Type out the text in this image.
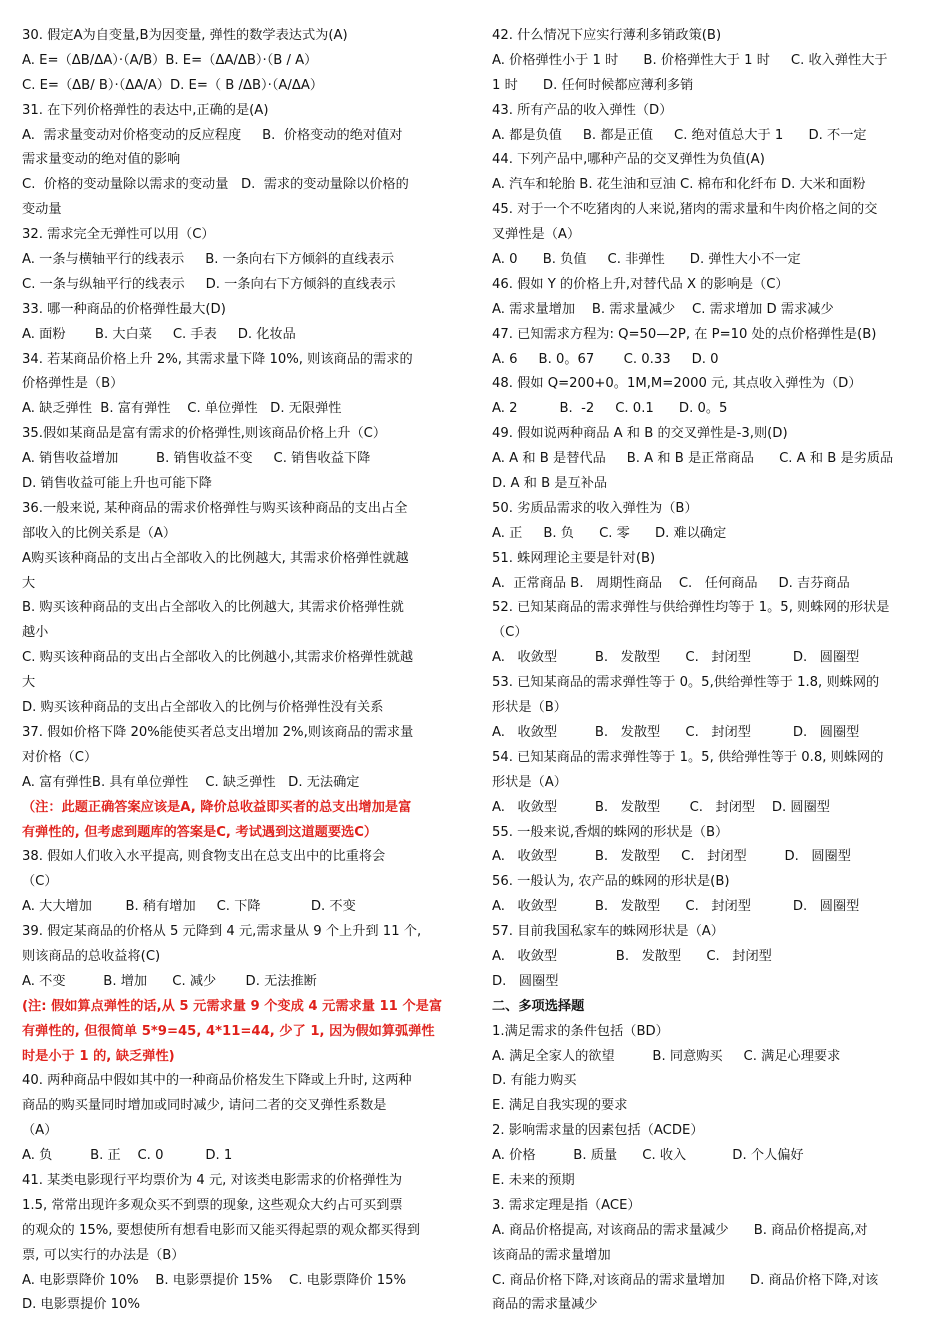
30. 假定A为自变量,B为因变量, 弹性的数学表达式为(A)
A. E=（ΔB/ΔA）·（A/B）B. E=（ΔA/ΔB）·（B / A）
C. E=（ΔB/ B）·（ΔA/A）D. E=（ B /ΔB）·（A/ΔA）
31. 在下列价格弹性的表达中,正确的是(A)
A.  需求量变动对价格变动的反应程度     B.  价格变动的绝对值对
需求量变动的绝对值的影响
C.  价格的变动量除以需求的变动量   D.  需求的变动量除以价格的
变动量
32. 需求完全无弹性可以用（C）
A. 一条与横轴平行的线表示     B. 一条向右下方倾斜的直线表示
C. 一条与纵轴平行的线表示     D. 一条向右下方倾斜的直线表示
33. 哪一种商品的价格弹性最大(D)
A. 面粉       B. 大白菜     C. 手表     D. 化妆品
34. 若某商品价格上升 2%, 其需求量下降 10%, 则该商品的需求的
价格弹性是（B）
A. 缺乏弹性  B. 富有弹性    C. 单位弹性   D. 无限弹性
35.假如某商品是富有需求的价格弹性,则该商品价格上升（C）
A. 销售收益增加         B. 销售收益不变     C. 销售收益下降
D. 销售收益可能上升也可能下降
36.一般来说, 某种商品的需求价格弹性与购买该种商品的支出占全
部收入的比例关系是（A）
A购买该种商品的支出占全部收入的比例越大, 其需求价格弹性就越
大
B. 购买该种商品的支出占全部收入的比例越大, 其需求价格弹性就
越小
C. 购买该种商品的支出占全部收入的比例越小,其需求价格弹性就越
大
D. 购买该种商品的支出占全部收入的比例与价格弹性没有关系
37. 假如价格下降 20%能使买者总支出增加 2%,则该商品的需求量
对价格（C）
A. 富有弹性B. 具有单位弹性    C. 缺乏弹性   D. 无法确定
（注：此题正确答案应该是A, 降价总收益即买者的总支出增加是富
有弹性的, 但考虑到题库的答案是C, 考试遇到这道题要选C）
38. 假如人们收入水平提高, 则食物支出在总支出中的比重将会
（C）
A. 大大增加        B. 稍有增加     C. 下降            D. 不变
39. 假定某商品的价格从 5 元降到 4 元,需求量从 9 个上升到 11 个,
则该商品的总收益将(C)
A. 不变         B. 增加      C. 减少       D. 无法推断
(注: 假如算点弹性的话,从 5 元需求量 9 个变成 4 元需求量 11 个是富
有弹性的, 但很简单 5*9=45, 4*11=44, 少了 1, 因为假如算弧弹性
时是小于 1 的, 缺乏弹性)
40. 两种商品中假如其中的一种商品价格发生下降或上升时, 这两种
商品的购买量同时增加或同时减少, 请问二者的交叉弹性系数是
（A）
A. 负         B. 正    C. 0          D. 1
41. 某类电影现行平均票价为 4 元, 对该类电影需求的价格弹性为
1.5, 常常出现许多观众买不到票的现象, 这些观众大约占可买到票
的观众的 15%, 要想使所有想看电影而又能买得起票的观众都买得到
票, 可以实行的办法是（B）
A. 电影票降价 10%    B. 电影票提价 15%    C. 电影票降价 15%
D. 电影票提价 10%
42. 什么情况下应实行薄利多销政策(B)
A. 价格弹性小于 1 时      B. 价格弹性大于 1 时     C. 收入弹性大于
1 时      D. 任何时候都应薄利多销
43. 所有产品的收入弹性（D）
A. 都是负值     B. 都是正值     C. 绝对值总大于 1      D. 不一定
44. 下列产品中,哪种产品的交叉弹性为负值(A)
A. 汽车和轮胎 B. 花生油和豆油 C. 棉布和化纤布 D. 大米和面粉
45. 对于一个不吃猪肉的人来说,猪肉的需求量和牛肉价格之间的交
叉弹性是（A）
A. 0      B. 负值     C. 非弹性      D. 弹性大小不一定
46. 假如 Y 的价格上升,对替代品 X 的影响是（C）
A. 需求量增加    B. 需求量减少    C. 需求增加 D 需求减少
47. 已知需求方程为: Q=50—2P, 在 P=10 处的点价格弹性是(B)
A. 6     B. 0。67       C. 0.33     D. 0
48. 假如 Q=200+0。1M,M=2000 元, 其点收入弹性为（D）
A. 2          B.  -2     C. 0.1      D. 0。5
49. 假如说两种商品 A 和 B 的交叉弹性是-3,则(D)
A. A 和 B 是替代品     B. A 和 B 是正常商品      C. A 和 B 是劣质品
D. A 和 B 是互补品
50. 劣质品需求的收入弹性为（B）
A. 正     B. 负      C. 零      D. 难以确定
51. 蛛网理论主要是针对(B)
A.  正常商品 B.   周期性商品    C.   任何商品     D. 吉芬商品
52. 已知某商品的需求弹性与供给弹性均等于 1。5, 则蛛网的形状是
（C）
A.   收敛型         B.   发散型      C.   封闭型          D.   圆圈型
53. 已知某商品的需求弹性等于 0。5,供给弹性等于 1.8, 则蛛网的
形状是（B）
A.   收敛型         B.   发散型      C.   封闭型          D.   圆圈型
54. 已知某商品的需求弹性等于 1。5, 供给弹性等于 0.8, 则蛛网的
形状是（A）
A.   收敛型         B.   发散型       C.   封闭型    D. 圆圈型
55. 一般来说,香烟的蛛网的形状是（B）
A.   收敛型         B.   发散型     C.   封闭型         D.   圆圈型
56. 一般认为, 农产品的蛛网的形状是(B)
A.   收敛型         B.   发散型      C.   封闭型          D.   圆圈型
57. 目前我国私家车的蛛网形状是（A）
A.   收敛型              B.   发散型      C.   封闭型
D.   圆圈型
二、多项选择题
1.满足需求的条件包括（BD）
A. 满足全家人的欲望         B. 同意购买     C. 满足心理要求
D. 有能力购买
E. 满足自我实现的要求
2. 影响需求量的因素包括（ACDE）
A. 价格         B. 质量      C. 收入           D. 个人偏好
E. 未来的预期
3. 需求定理是指（ACE）
A. 商品价格提高, 对该商品的需求量减少      B. 商品价格提高,对
该商品的需求量增加
C. 商品价格下降,对该商品的需求量增加      D. 商品价格下降,对该
商品的需求量减少
